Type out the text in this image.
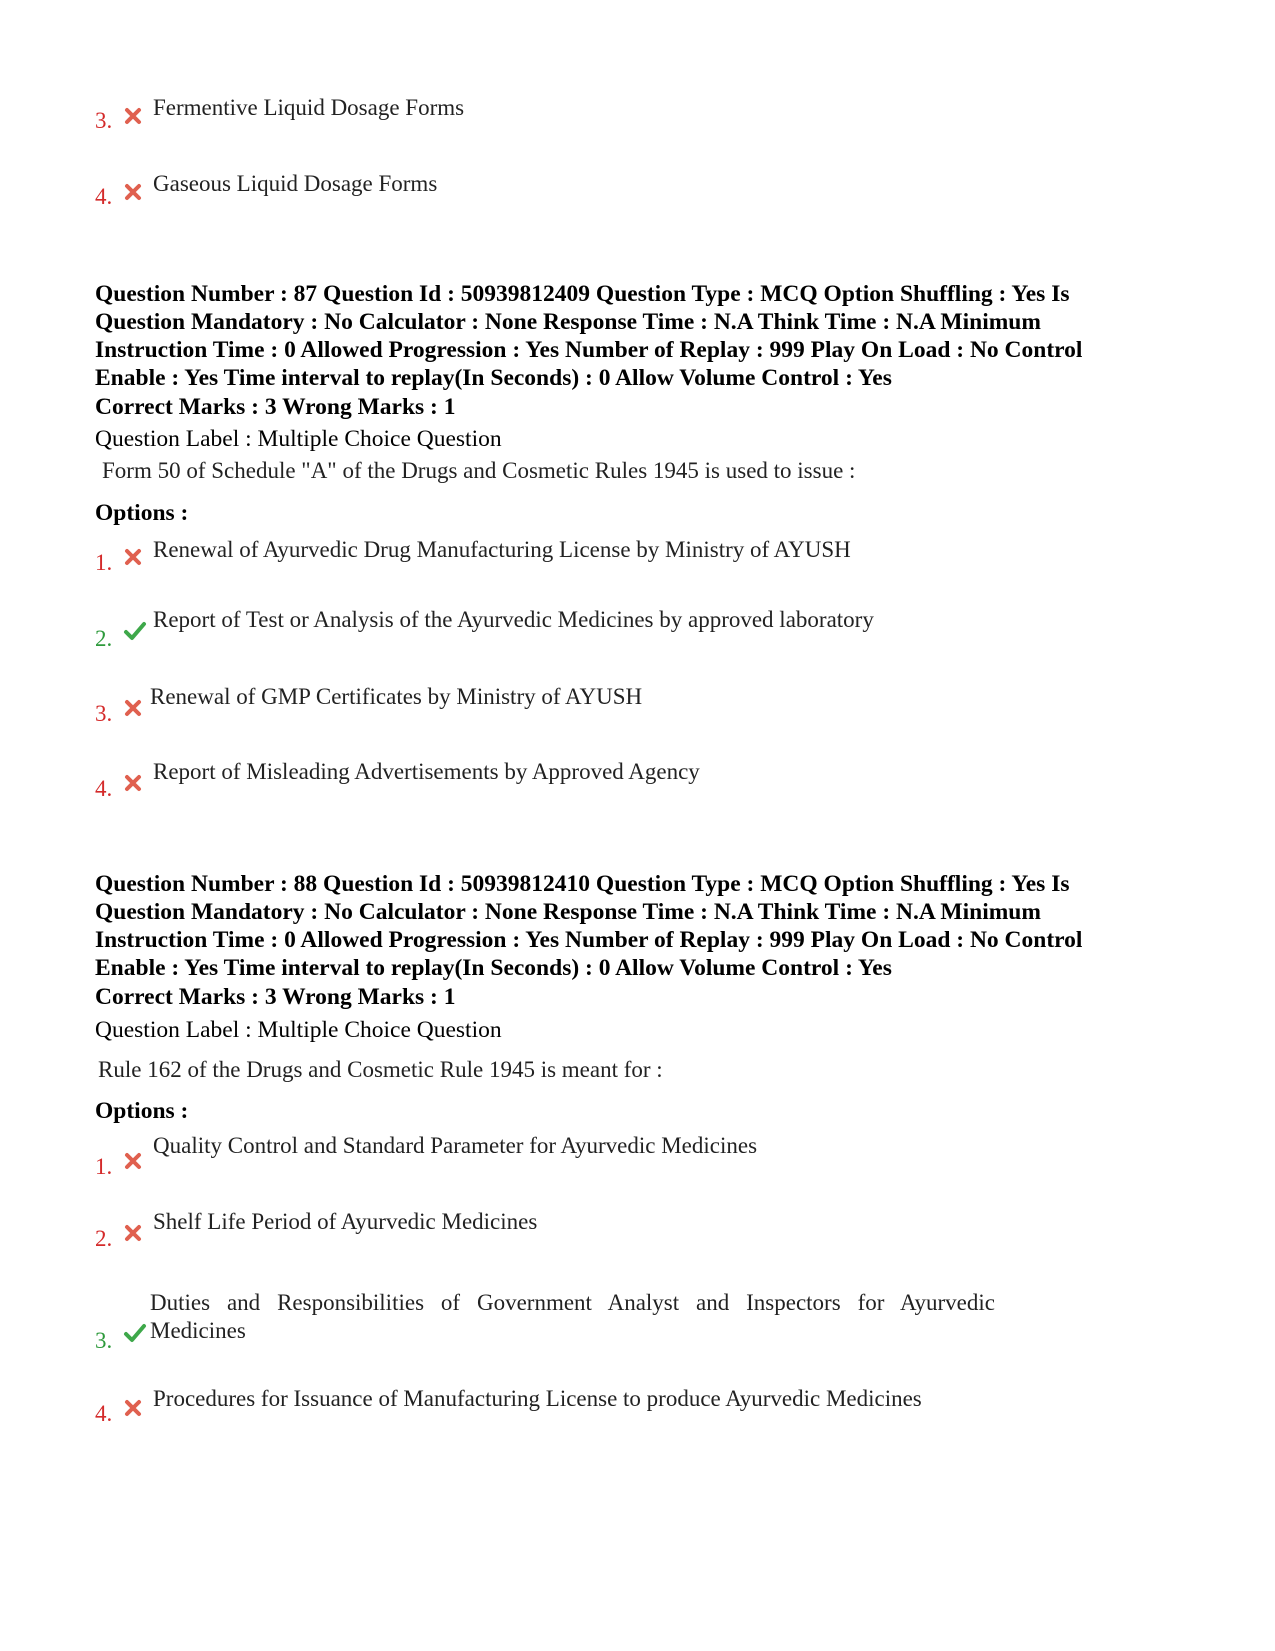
3.
Fermentive Liquid Dosage Forms
4.
Gaseous Liquid Dosage Forms
Question Number : 87 Question Id : 50939812409 Question Type : MCQ Option Shuffling : Yes Is Question Mandatory : No Calculator : None Response Time : N.A Think Time : N.A Minimum Instruction Time : 0 Allowed Progression : Yes Number of Replay : 999 Play On Load : No Control Enable : Yes Time interval to replay(In Seconds) : 0 Allow Volume Control : Yes
Correct Marks : 3 Wrong Marks : 1
Question Label : Multiple Choice Question
Form 50 of Schedule "A" of the Drugs and Cosmetic Rules 1945 is used to issue :
Options :
1.
Renewal of Ayurvedic Drug Manufacturing License by Ministry of AYUSH
2.
Report of Test or Analysis of the Ayurvedic Medicines by approved laboratory
3.
Renewal of GMP Certificates by Ministry of AYUSH
4.
Report of Misleading Advertisements by Approved Agency
Question Number : 88 Question Id : 50939812410 Question Type : MCQ Option Shuffling : Yes Is Question Mandatory : No Calculator : None Response Time : N.A Think Time : N.A Minimum Instruction Time : 0 Allowed Progression : Yes Number of Replay : 999 Play On Load : No Control Enable : Yes Time interval to replay(In Seconds) : 0 Allow Volume Control : Yes
Correct Marks : 3 Wrong Marks : 1
Question Label : Multiple Choice Question
Rule 162 of the Drugs and Cosmetic Rule 1945 is meant for :
Options :
1.
Quality Control and Standard Parameter for Ayurvedic Medicines
2.
Shelf Life Period of Ayurvedic Medicines
3.
Duties and Responsibilities of Government Analyst and Inspectors for Ayurvedic Medicines
4.
Procedures for Issuance of Manufacturing License to produce Ayurvedic Medicines
